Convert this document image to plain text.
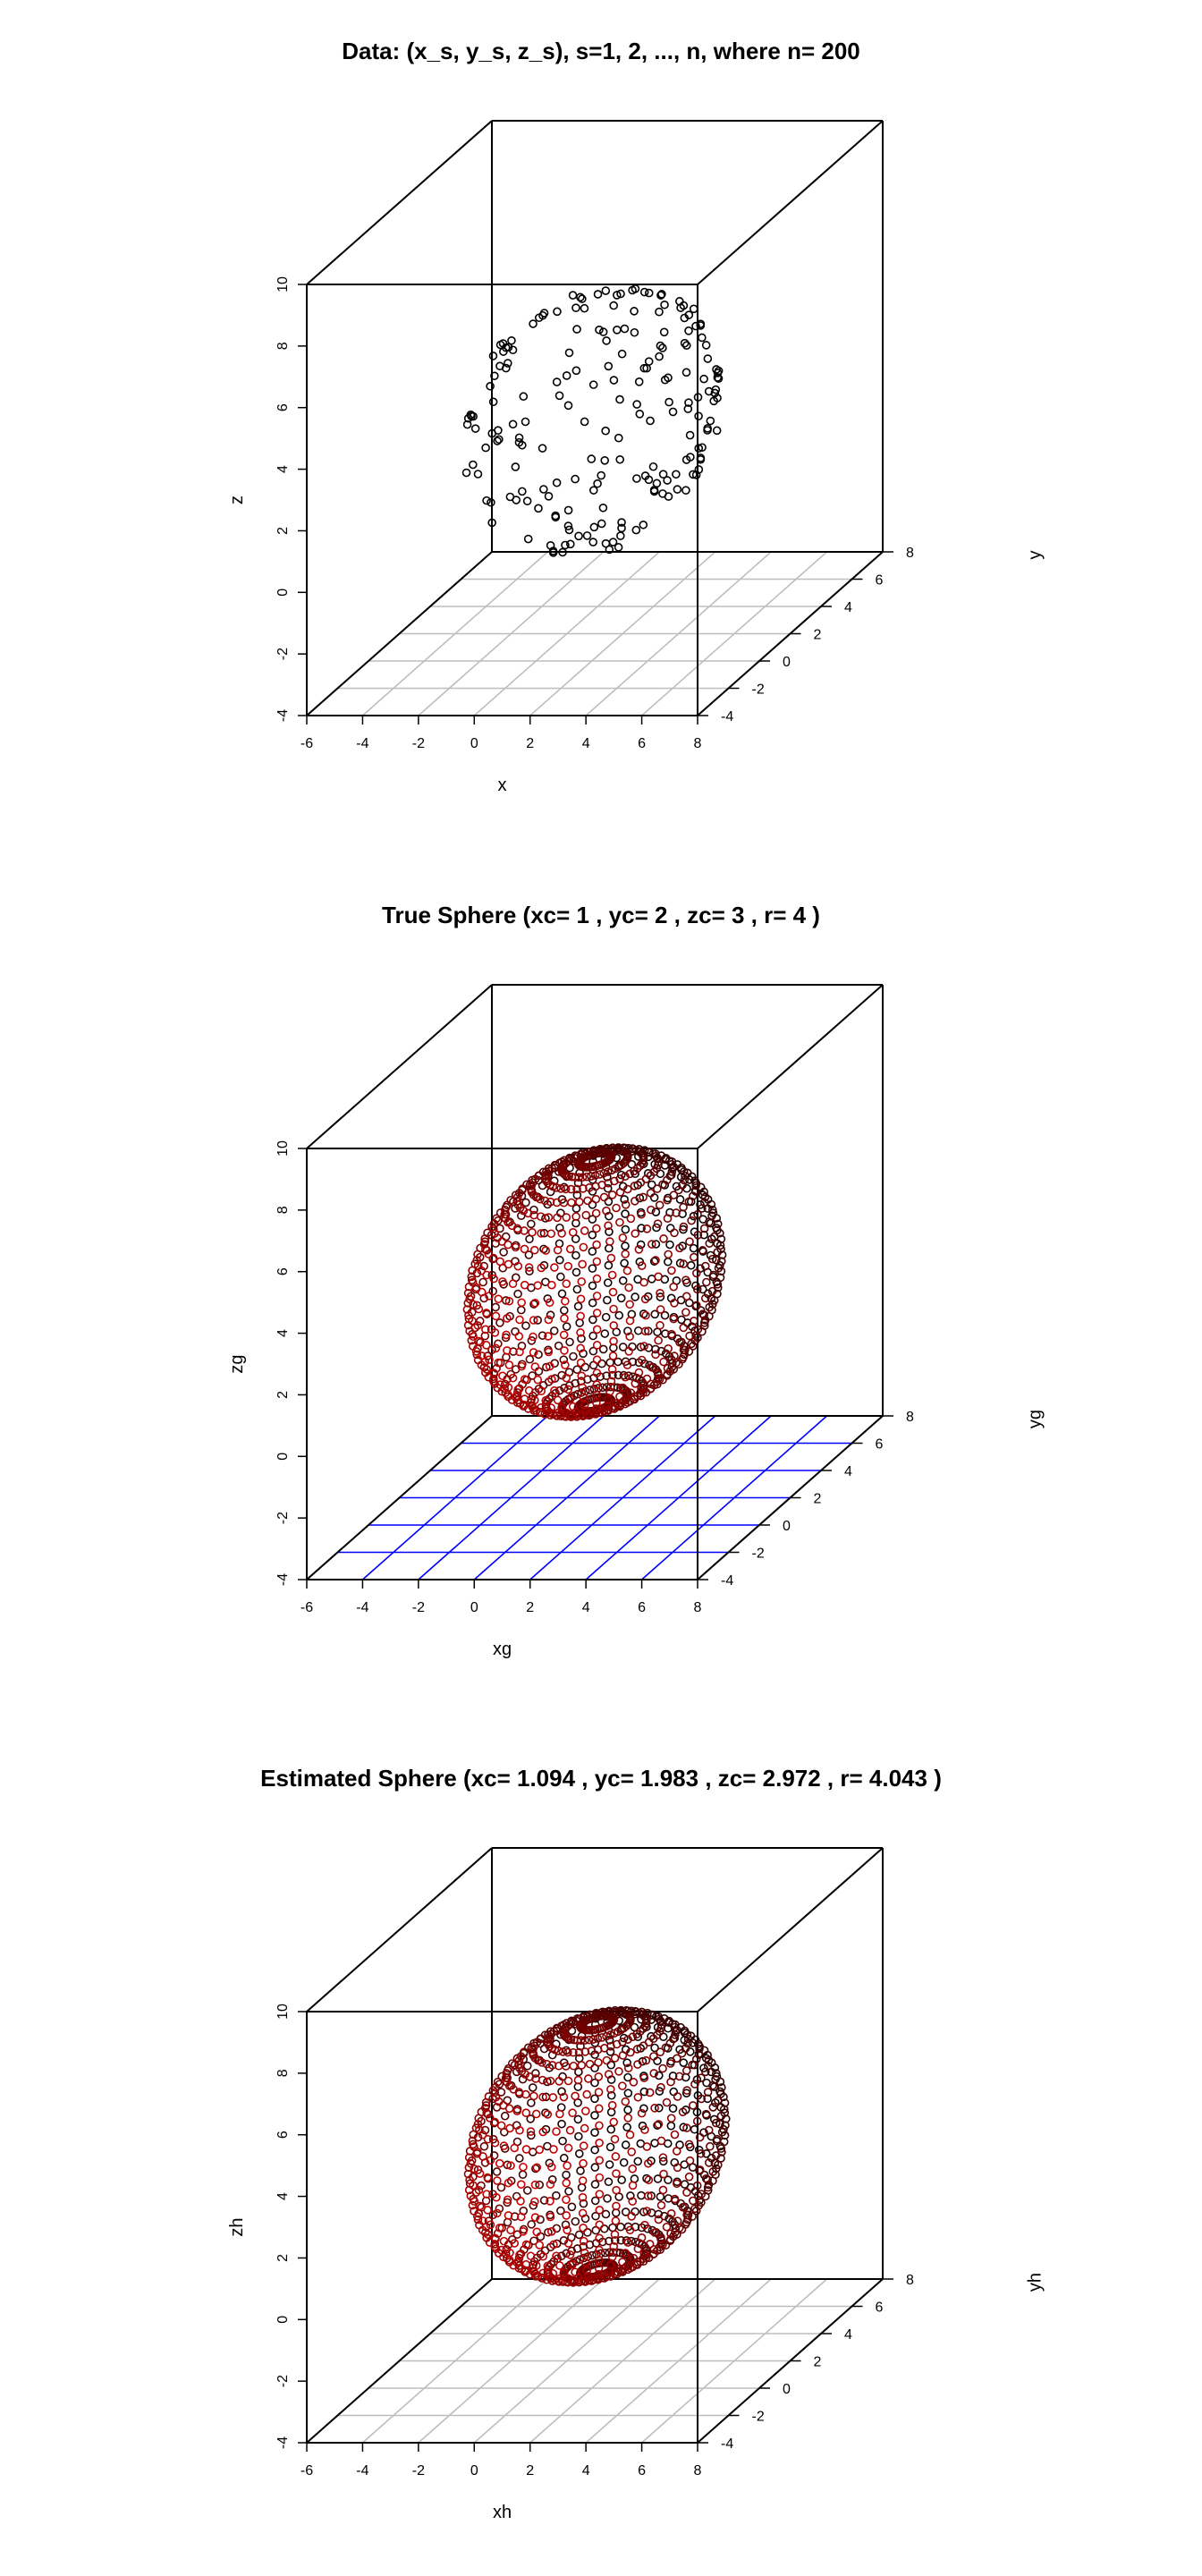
Data: (x_s, y_s, z_s), s=1, 2, ..., n, where n= 200
-6	-4	-2	0	2	4	6	8
x
-4
-2
0
2
4
6
8	y
-4
-2
0
2
4
6
8
10
z
True Sphere (xc= 1 , yc= 2 , zc= 3 , r= 4 )
-6	-4	-2	0	2	4	6	8
xg
-4
-2
0
2
4
6
8	yg
-4
-2
0
2
4
6
8
10
zg
Estimated Sphere (xc= 1.094 , yc= 1.983 , zc= 2.972 , r= 4.043 )
-6	-4	-2	0	2	4	6	8
xh
-4
-2
0
2
4
6
8	yh
-4
-2
0
2
4
6
8
10
zh
